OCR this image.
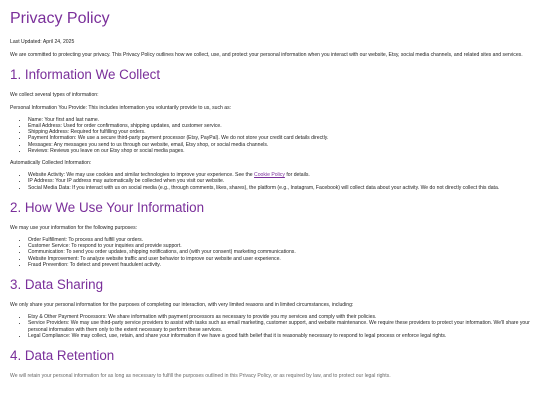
Privacy Policy

Last Updated: April 24, 2025

We are committed to protecting your privacy. This Privacy Policy outlines how we collect, use, and protect your personal information when you interact with our website, Etsy, social media channels, and related sites and services.

1. Information We Collect

We collect several types of information:

Personal Information You Provide: This includes information you voluntarily provide to us, such as:

• Name: Your first and last name.
• Email Address: Used for order confirmations, shipping updates, and customer service.
• Shipping Address: Required for fulfilling your orders.
• Payment Information: We use a secure third-party payment processor (Etsy, PayPal). We do not store your credit card details directly.
• Messages: Any messages you send to us through our website, email, Etsy shop, or social media channels.
• Reviews: Reviews you leave on our Etsy shop or social media pages.

Automatically Collected Information:

• Website Activity: We may use cookies and similar technologies to improve your experience. See the Cookie Policy for details.
• IP Address: Your IP address may automatically be collected when you visit our website.
• Social Media Data: If you interact with us on social media (e.g., through comments, likes, shares), the platform (e.g., Instagram, Facebook) will collect data about your activity. We do not directly collect this data.
2. How We Use Your Information

We may use your information for the following purposes:

• Order Fulfillment: To process and fulfill your orders.
• Customer Service: To respond to your inquiries and provide support.
• Communication: To send you order updates, shipping notifications, and (with your consent) marketing communications.
• Website Improvement: To analyze website traffic and user behavior to improve our website and user experience.
• Fraud Prevention: To detect and prevent fraudulent activity.
3. Data Sharing

We only share your personal information for the purposes of completing our interaction, with very limited reasons and in limited circumstances, including:

• Etsy & Other Payment Processors: We share information with payment processors as necessary to provide you my services and comply with their policies.
• Service Providers: We may use third-party service providers to assist with tasks such as email marketing, customer support, and website maintenance. We require these providers to protect your information. We'll share your personal information with them only to the extent necessary to perform these services.
• Legal Compliance: We may collect, use, retain, and share your information if we have a good faith belief that it is reasonably necessary to respond to legal process or enforce legal rights.
4. Data Retention

We will retain your personal information for as long as necessary to fulfill the purposes outlined in this Privacy Policy, or as required by law, and to protect our legal rights.
